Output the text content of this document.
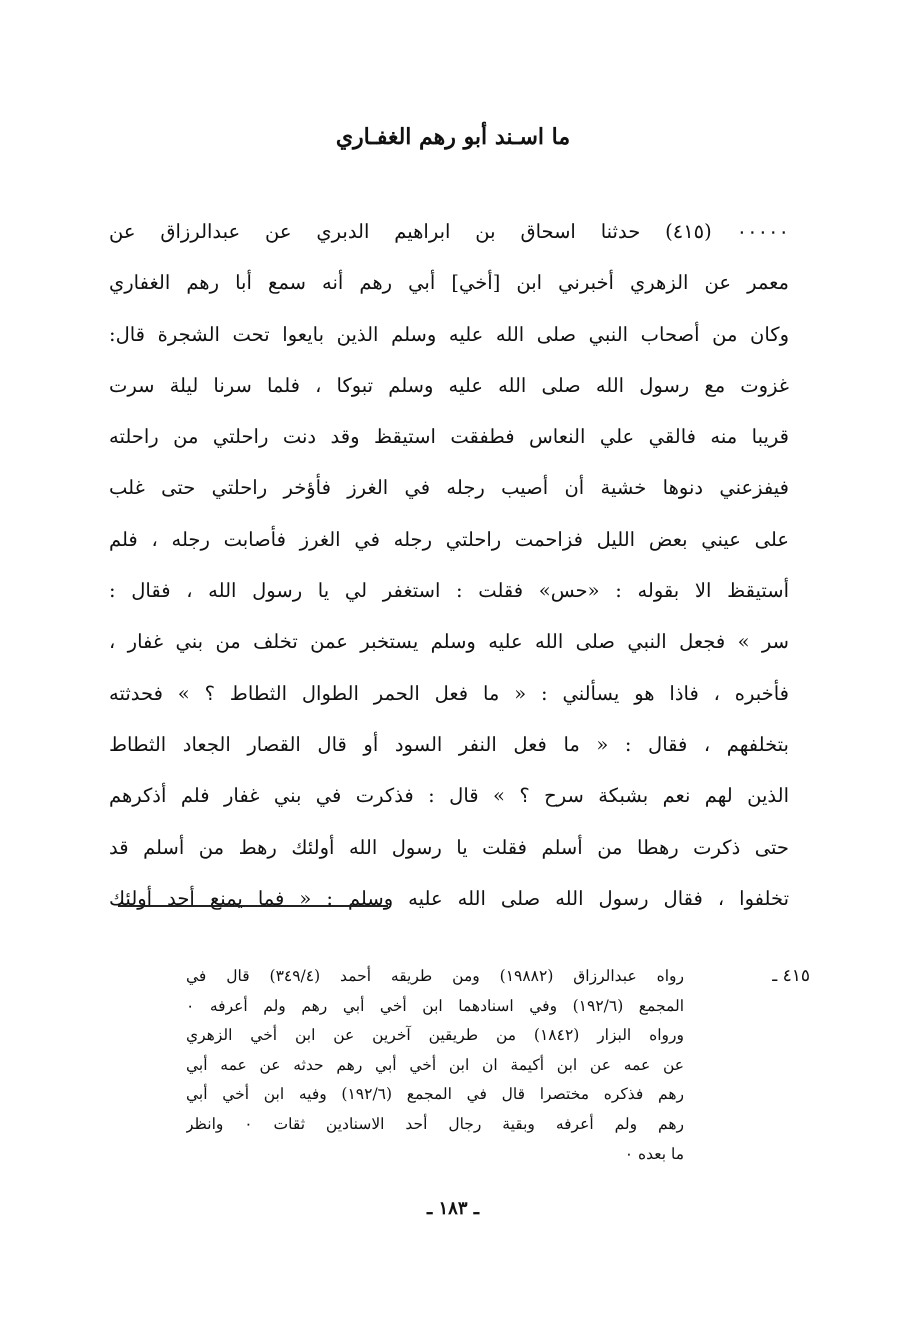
ما اسـند أبو رهم الغفـاري
٠٠٠٠٠ (٤١٥) حدثنا اسحاق بن ابراهيم الدبري عن عبدالرزاق عن
معمر عن الزهري أخبرني ابن [أخي] أبي رهم أنه سمع أبا رهم الغفاري
وكان من أصحاب النبي صلى الله عليه وسلم الذين بايعوا تحت الشجرة قال:
غزوت مع رسول الله صلى الله عليه وسلم تبوكا ، فلما سرنا ليلة سرت
قريبا منه فالقي علي النعاس فطفقت استيقظ وقد دنت راحلتي من راحلته
فيفزعني دنوها خشية أن أصيب رجله في الغرز فأؤخر راحلتي حتى غلب
على عيني بعض الليل فزاحمت راحلتي رجله في الغرز فأصابت رجله ، فلم
أستيقظ الا بقوله : «حس» فقلت : استغفر لي يا رسول الله ، فقال :
سر » فجعل النبي صلى الله عليه وسلم يستخبر عمن تخلف من بني غفار ،
فأخبره ، فاذا هو يسألني : « ما فعل الحمر الطوال الثطاط ؟ » فحدثته
بتخلفهم ، فقال : « ما فعل النفر السود أو قال القصار الجعاد الثطاط
الذين لهم نعم بشبكة سرح ؟ » قال : فذكرت في بني غفار فلم أذكرهم
حتى ذكرت رهطا من أسلم فقلت يا رسول الله أولئك رهط من أسلم قد
تخلفوا ، فقال رسول الله صلى الله عليه وسلم : « فما يمنع أحد أولئك
٤١٥ ـ
رواه عبدالرزاق (١٩٨٨٢) ومن طريقه أحمد (٣٤٩/٤) قال في
المجمع (١٩٢/٦) وفي اسنادهما ابن أخي أبي رهم ولم أعرفه ٠
ورواه البزار (١٨٤٢) من طريقين آخرين عن ابن أخي الزهري
عن عمه عن ابن أكيمة ان ابن أخي أبي رهم حدثه عن عمه أبي
رهم فذكره مختصرا قال في المجمع (١٩٢/٦) وفيه ابن أخي أبي
رهم ولم أعرفه وبقية رجال أحد الاسنادين ثقات ٠ وانظر
ما بعده ٠
ـ ١٨٣ ـ
